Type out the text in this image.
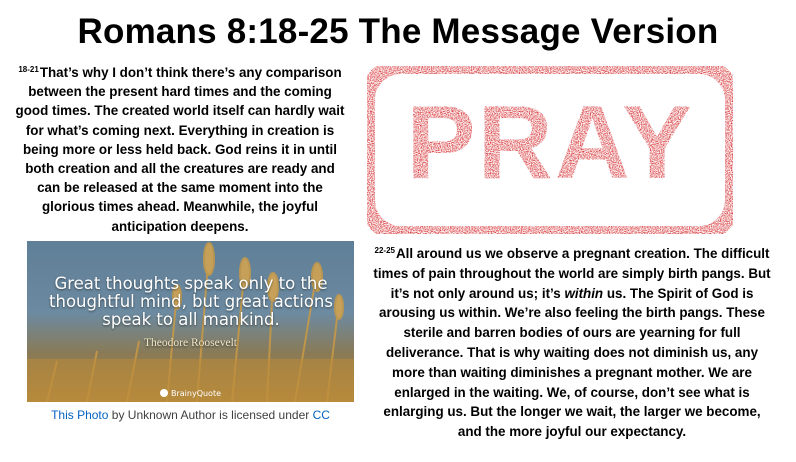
Romans 8:18-25 The Message Version
$^{18-21}$That’s why I don’t think there’s any comparison between the present hard times and the coming good times. The created world itself can hardly wait for what’s coming next. Everything in creation is being more or less held back. God reins it in until both creation and all the creatures are ready and can be released at the same moment into the glorious times ahead. Meanwhile, the joyful anticipation deepens.
PRAY
Great thoughts speak only to the thoughtful mind, but great actions speak to all mankind.
Theodore Roosevelt
BrainyQuote
$^{22-25}$All around us we observe a pregnant creation. The difficult times of pain throughout the world are simply birth pangs. But it’s not only around us; it’s within us. The Spirit of God is arousing us within. We’re also feeling the birth pangs. These sterile and barren bodies of ours are yearning for full deliverance. That is why waiting does not diminish us, any more than waiting diminishes a pregnant mother. We are enlarged in the waiting. We, of course, don’t see what is enlarging us. But the longer we wait, the larger we become, and the more joyful our expectancy.
This Photo by Unknown Author is licensed under CC
